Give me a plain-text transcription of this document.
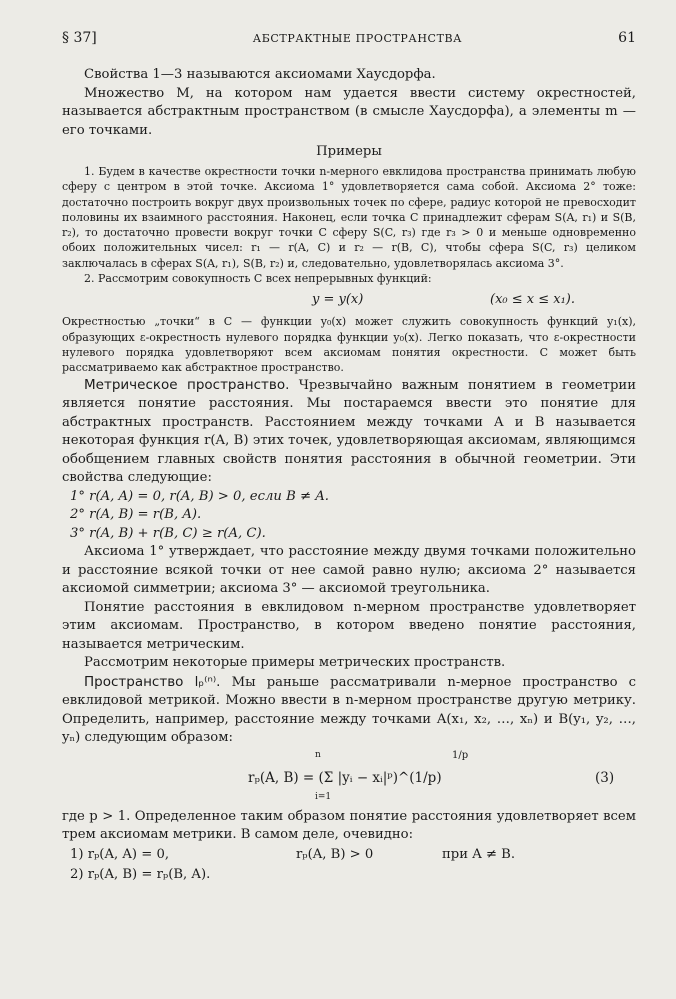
§ 37]	АБСТРАКТНЫЕ ПРОСТРАНСТВА	61

Свойства 1—3 называются аксиомами Хаусдорфа.

Множество M, на котором нам удается ввести систему окрестностей, называется абстрактным пространством (в смысле Хаусдорфа), а элементы m — его точками.

Примеры

1. Будем в качестве окрестности точки n-мерного евклидова пространства принимать любую сферу с центром в этой точке. Аксиома 1° удовлетворяется сама собой. Аксиома 2° тоже: достаточно построить вокруг двух произвольных точек по сфере, радиус которой не превосходит половины их взаимного расстояния. Наконец, если точка C принадлежит сферам S(A, r₁) и S(B, r₂), то достаточно провести вокруг точки C сферу S(C, r₃) где r₃ > 0 и меньше одновременно обоих положительных чисел: r₁ — r(A, C) и r₂ — r(B, C), чтобы сфера S(C, r₃) целиком заключалась в сферах S(A, r₁), S(B, r₂) и, следовательно, удовлетворялась аксиома 3°.

2. Рассмотрим совокупность C всех непрерывных функций:

y = y(x)	(x₀ ≤ x ≤ x₁).

Окрестностью „точки“ в C — функции y₀(x) может служить совокупность функций y₁(x), образующих ε-окрестность нулевого порядка функции y₀(x). Легко показать, что ε-окрестности нулевого порядка удовлетворяют всем аксиомам понятия окрестности. C может быть рассматриваемо как абстрактное пространство.

Метрическое пространство. Чрезвычайно важным понятием в геометрии является понятие расстояния. Мы постараемся ввести это понятие для абстрактных пространств. Расстоянием между точками A и B называется некоторая функция r(A, B) этих точек, удовлетворяющая аксиомам, являющимся обобщением главных свойств понятия расстояния в обычной геометрии. Эти свойства следующие:

1° r(A, A) = 0, r(A, B) > 0, если B ≠ A.
2° r(A, B) = r(B, A).
3° r(A, B) + r(B, C) ≥ r(A, C).

Аксиома 1° утверждает, что расстояние между двумя точками положительно и расстояние всякой точки от нее самой равно нулю; аксиома 2° называется аксиомой симметрии; аксиома 3° — аксиомой треугольника.

Понятие расстояния в евклидовом n-мерном пространстве удовлетворяет этим аксиомам. Пространство, в котором введено понятие расстояния, называется метрическим.

Рассмотрим некоторые примеры метрических пространств.

Пространство lₚ⁽ⁿ⁾. Мы раньше рассматривали n-мерное пространство с евклидовой метрикой. Можно ввести в n-мерном пространстве другую метрику. Определить, например, расстояние между точками A(x₁, x₂, …, xₙ) и B(y₁, y₂, …, yₙ) следующим образом:

n	1/p
rₚ(A, B) = (Σ |yᵢ − xᵢ|ᵖ)^(1/p)
i=1
(3)

где p > 1. Определенное таким образом понятие расстояния удовлетворяет всем трем аксиомам метрики. В самом деле, очевидно:

1) rₚ(A, A) = 0,	rₚ(A, B) > 0	при A ≠ B.
2) rₚ(A, B) = rₚ(B, A).
